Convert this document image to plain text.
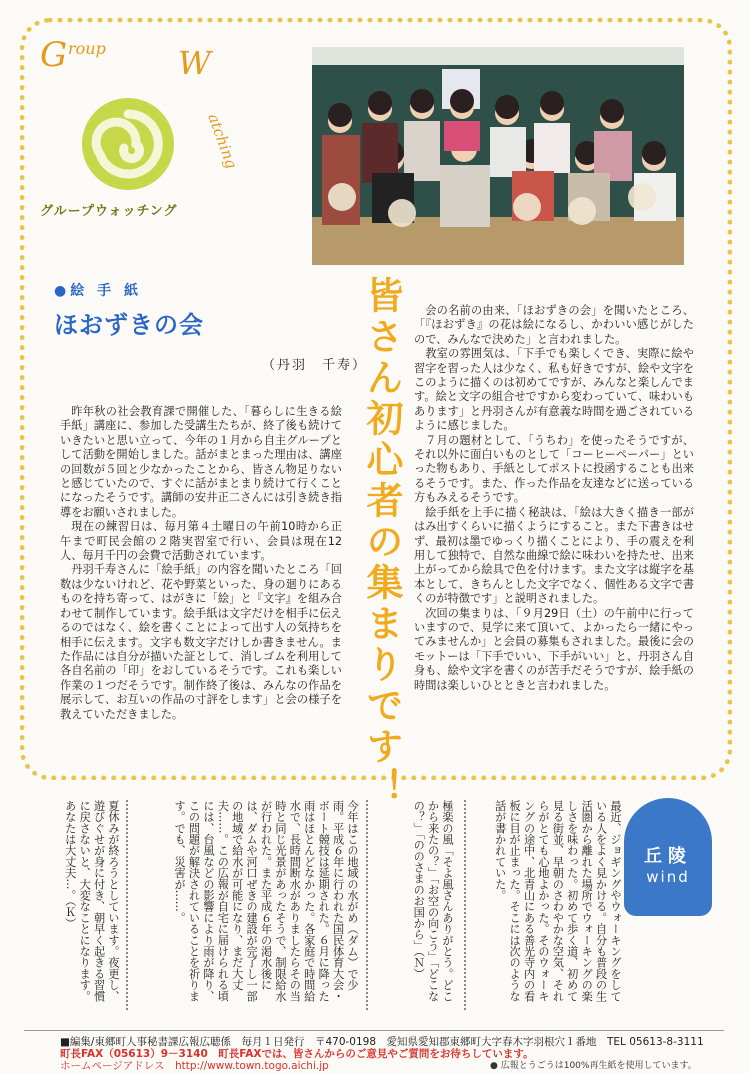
G roup W
atching
グループウォッチング
●絵 手 紙
ほおずきの会
（丹羽　千寿）

昨年秋の社会教育課で開催した、「暮らしに生きる絵手紙」講座に、参加した受講生たちが、終了後も続けていきたいと思い立って、今年の１月から自主グループとして活動を開始しました。話がまとまった理由は、講座の回数が５回と少なかったことから、皆さん物足りないと感じていたので、すぐに話がまとまり続けて行くことになったそうです。講師の安井正二さんには引き続き指導をお願いされました。

現在の練習日は、毎月第４土曜日の午前10時から正午まで町民会館の２階実習室で行い、会員は現在12人、毎月千円の会費で活動されています。

丹羽千寿さんに「絵手紙」の内容を聞いたところ「回数は少ないけれど、花や野菜といった、身の廻りにあるものを持ち寄って、はがきに「絵」と『文字』を組み合わせて制作しています。絵手紙は文字だけを相手に伝えるのではなく、絵を書くことによって出す人の気持ちを相手に伝えます。文字も数文字だけしか書きません。また作品には自分が描いた証として、消しゴムを利用して各自名前の「印」をおしているそうです。これも楽しい作業の１つだそうです。制作終了後は、みんなの作品を展示して、お互いの作品の寸評をします」と会の様子を教えていただきました。	皆さん初心者の集まりです！	会の名前の由来、「ほおずきの会」を聞いたところ、「『ほおずき』の花は絵になるし、かわいい感じがしたので、みんなで決めた」と言われました。

教室の雰囲気は、「下手でも楽しくでき、実際に絵や習字を習った人は少なく、私も好きですが、絵や文字をこのように描くのは初めてですが、みんなと楽しんでます。絵と文字の組合せですから変わっていて、味わいもあります」と丹羽さんが有意義な時間を過ごされているように感じました。

７月の題材として、「うちわ」を使ったそうですが、それ以外に面白いものとして「コーヒーペーパー」といった物もあり、手紙としてポストに投函することも出来るそうです。また、作った作品を友達などに送っている方もみえるそうです。

絵手紙を上手に描く秘訣は、「絵は大きく描き一部がはみ出すくらいに描くようにすること。また下書きはせず、最初は墨でゆっくり描くことにより、手の震えを利用して独特で、自然な曲線で絵に味わいを持たせ、出来上がってから絵具で色を付けます。また文字は縦字を基本として、きちんとした文字でなく、個性ある文字で書くのが特徴です」と説明されました。

次回の集まりは、「９月29日（土）の午前中に行っていますので、見学に来て頂いて、よかったら一緒にやってみませんか」と会員の募集もされました。最後に会のモットーは「下手でいい、下手がいい」と、丹羽さん自身も、絵や文字を書くのが苦手だそうですが、絵手紙の時間は楽しいひとときと言われました。

最近、ジョギングやウォーキングをしている人をよく見かける。自分も普段の生活圏から離れた場所でウォーキングの楽しさを味わった。初めて歩く道、初めて見る街並、早朝のさわやかな空気、それらがとても心地よかった。そのウォーキングの途中、北青山にある善光寺内の看板に目が止まった。そこには次のような話が書かれていた。
極楽の風「そよ風さんありがとう。どこから来たの？」「お空の向こう」「どこなの？」「ののさまのお国から」（Ｎ）
今年はこの地域の水がめ（ダム）で少雨。平成６年に行われた国民体育大会・ボート競技は延期された。６月に降った雨はほとんどなかった。各家庭で時間給水で、長時間断水がありましたらその当時と同じ光景があったそうで、制限給水が行われた。また平成６年の渇水後には、ダムや河口ぜきの建設が完了し一部の地域で給水が可能になり、まだ大丈夫……。この広報が自宅に届けられる頃には、台風などの影響により雨が降り、この問題が解決されていることを祈ります。でも、災害が……。
夏休みが終ろうとしています。夜更し、遊びぐせが身に付き、朝早く起きる習慣に戻さないと、大変なことになります。あなたは大丈夫…。（Ｋ）	丘陵
wind
■編集/東郷町人事秘書課広報広聴係　毎月１日発行　〒470-0198　愛知県愛知郡東郷町大字春木字羽根穴１番地　TEL 05613-8-3111
町長FAX（05613）9－3140　町長FAXでは、皆さんからのご意見やご質問をお待ちしています。
ホームページアドレス　http://www.town.togo.aichi.jp	● 広報とうごうは100%再生紙を使用しています。
